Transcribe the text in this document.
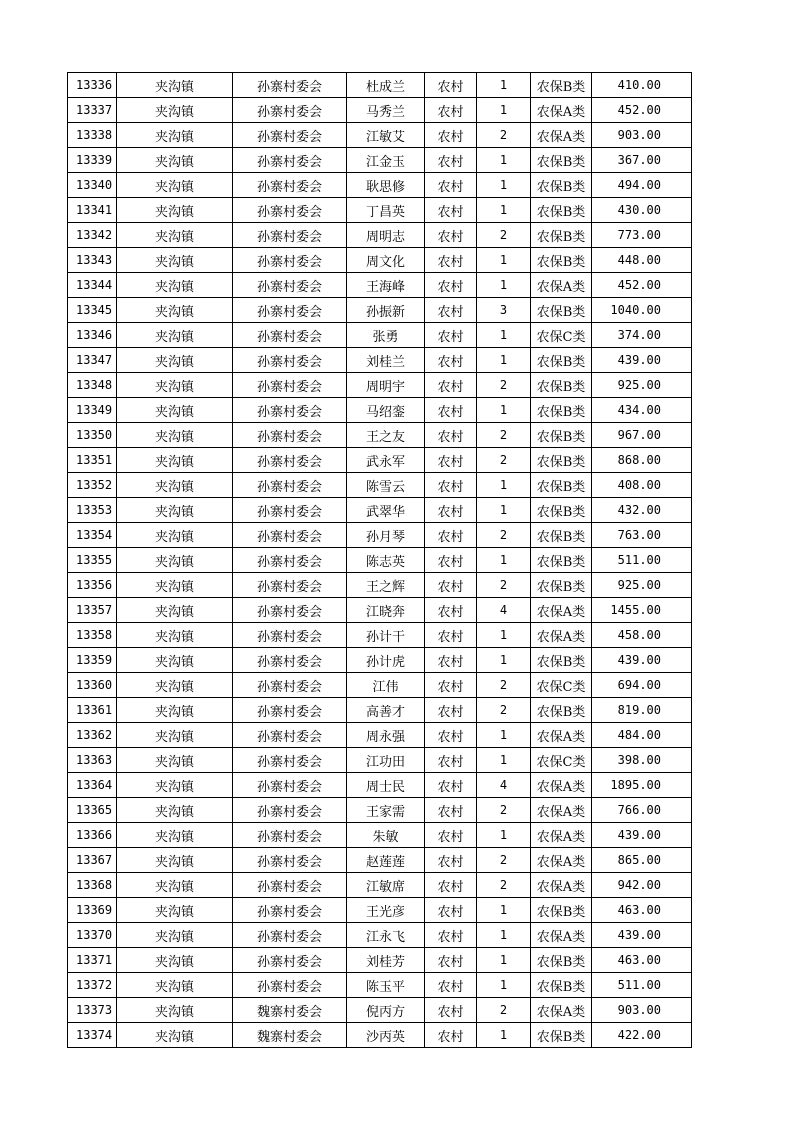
13336	夹沟镇	孙寨村委会	杜成兰	农村	1	农保B类	410.00
13337	夹沟镇	孙寨村委会	马秀兰	农村	1	农保A类	452.00
13338	夹沟镇	孙寨村委会	江敏艾	农村	2	农保A类	903.00
13339	夹沟镇	孙寨村委会	江金玉	农村	1	农保B类	367.00
13340	夹沟镇	孙寨村委会	耿思修	农村	1	农保B类	494.00
13341	夹沟镇	孙寨村委会	丁昌英	农村	1	农保B类	430.00
13342	夹沟镇	孙寨村委会	周明志	农村	2	农保B类	773.00
13343	夹沟镇	孙寨村委会	周文化	农村	1	农保B类	448.00
13344	夹沟镇	孙寨村委会	王海峰	农村	1	农保A类	452.00
13345	夹沟镇	孙寨村委会	孙振新	农村	3	农保B类	1040.00
13346	夹沟镇	孙寨村委会	张勇	农村	1	农保C类	374.00
13347	夹沟镇	孙寨村委会	刘桂兰	农村	1	农保B类	439.00
13348	夹沟镇	孙寨村委会	周明宇	农村	2	农保B类	925.00
13349	夹沟镇	孙寨村委会	马绍銮	农村	1	农保B类	434.00
13350	夹沟镇	孙寨村委会	王之友	农村	2	农保B类	967.00
13351	夹沟镇	孙寨村委会	武永军	农村	2	农保B类	868.00
13352	夹沟镇	孙寨村委会	陈雪云	农村	1	农保B类	408.00
13353	夹沟镇	孙寨村委会	武翠华	农村	1	农保B类	432.00
13354	夹沟镇	孙寨村委会	孙月琴	农村	2	农保B类	763.00
13355	夹沟镇	孙寨村委会	陈志英	农村	1	农保B类	511.00
13356	夹沟镇	孙寨村委会	王之辉	农村	2	农保B类	925.00
13357	夹沟镇	孙寨村委会	江晓奔	农村	4	农保A类	1455.00
13358	夹沟镇	孙寨村委会	孙计干	农村	1	农保A类	458.00
13359	夹沟镇	孙寨村委会	孙计虎	农村	1	农保B类	439.00
13360	夹沟镇	孙寨村委会	江伟	农村	2	农保C类	694.00
13361	夹沟镇	孙寨村委会	高善才	农村	2	农保B类	819.00
13362	夹沟镇	孙寨村委会	周永强	农村	1	农保A类	484.00
13363	夹沟镇	孙寨村委会	江功田	农村	1	农保C类	398.00
13364	夹沟镇	孙寨村委会	周士民	农村	4	农保A类	1895.00
13365	夹沟镇	孙寨村委会	王家需	农村	2	农保A类	766.00
13366	夹沟镇	孙寨村委会	朱敏	农村	1	农保A类	439.00
13367	夹沟镇	孙寨村委会	赵莲莲	农村	2	农保A类	865.00
13368	夹沟镇	孙寨村委会	江敏席	农村	2	农保A类	942.00
13369	夹沟镇	孙寨村委会	王光彦	农村	1	农保B类	463.00
13370	夹沟镇	孙寨村委会	江永飞	农村	1	农保A类	439.00
13371	夹沟镇	孙寨村委会	刘桂芳	农村	1	农保B类	463.00
13372	夹沟镇	孙寨村委会	陈玉平	农村	1	农保B类	511.00
13373	夹沟镇	魏寨村委会	倪丙方	农村	2	农保A类	903.00
13374	夹沟镇	魏寨村委会	沙丙英	农村	1	农保B类	422.00
